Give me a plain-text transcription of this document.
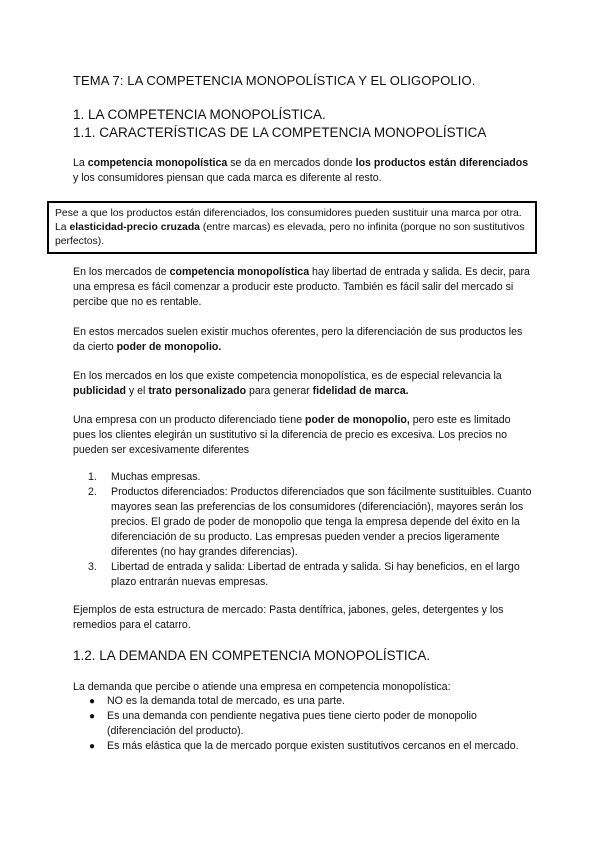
TEMA 7: LA COMPETENCIA MONOPOLÍSTICA Y EL OLIGOPOLIO.
1. LA COMPETENCIA MONOPOLÍSTICA.
1.1. CARACTERÍSTICAS DE LA COMPETENCIA MONOPOLÍSTICA

La competencia monopolística se da en mercados donde los productos están diferenciados y los consumidores piensan que cada marca es diferente al resto.

Pese a que los productos están diferenciados, los consumidores pueden sustituir una marca por otra. La elasticidad-precio cruzada (entre marcas) es elevada, pero no infinita (porque no son sustitutivos perfectos).

En los mercados de competencia monopolística hay libertad de entrada y salida. Es decir, para una empresa es fácil comenzar a producir este producto. También es fácil salir del mercado si percibe que no es rentable.

En estos mercados suelen existir muchos oferentes, pero la diferenciación de sus productos les da cierto poder de monopolio.

En los mercados en los que existe competencia monopolística, es de especial relevancia la publicidad y el trato personalizado para generar fidelidad de marca.

Una empresa con un producto diferenciado tiene poder de monopolio, pero este es limitado pues los clientes elegirán un sustitutivo si la diferencia de precio es excesiva. Los precios no pueden ser excesivamente diferentes

1. Muchas empresas.
2. Productos diferenciados: Productos diferenciados que son fácilmente sustituibles. Cuanto mayores sean las preferencias de los consumidores (diferenciación), mayores serán los precios. El grado de poder de monopolio que tenga la empresa depende del éxito en la diferenciación de su producto. Las empresas pueden vender a precios ligeramente diferentes (no hay grandes diferencias).
3. Libertad de entrada y salida: Libertad de entrada y salida. Si hay beneficios, en el largo plazo entrarán nuevas empresas.

Ejemplos de esta estructura de mercado: Pasta dentífrica, jabones, geles, detergentes y los remedios para el catarro.

1.2. LA DEMANDA EN COMPETENCIA MONOPOLÍSTICA.

La demanda que percibe o atiende una empresa en competencia monopolística:

● NO es la demanda total de mercado, es una parte.
● Es una demanda con pendiente negativa pues tiene cierto poder de monopolio (diferenciación del producto).
● Es más elástica que la de mercado porque existen sustitutivos cercanos en el mercado.
